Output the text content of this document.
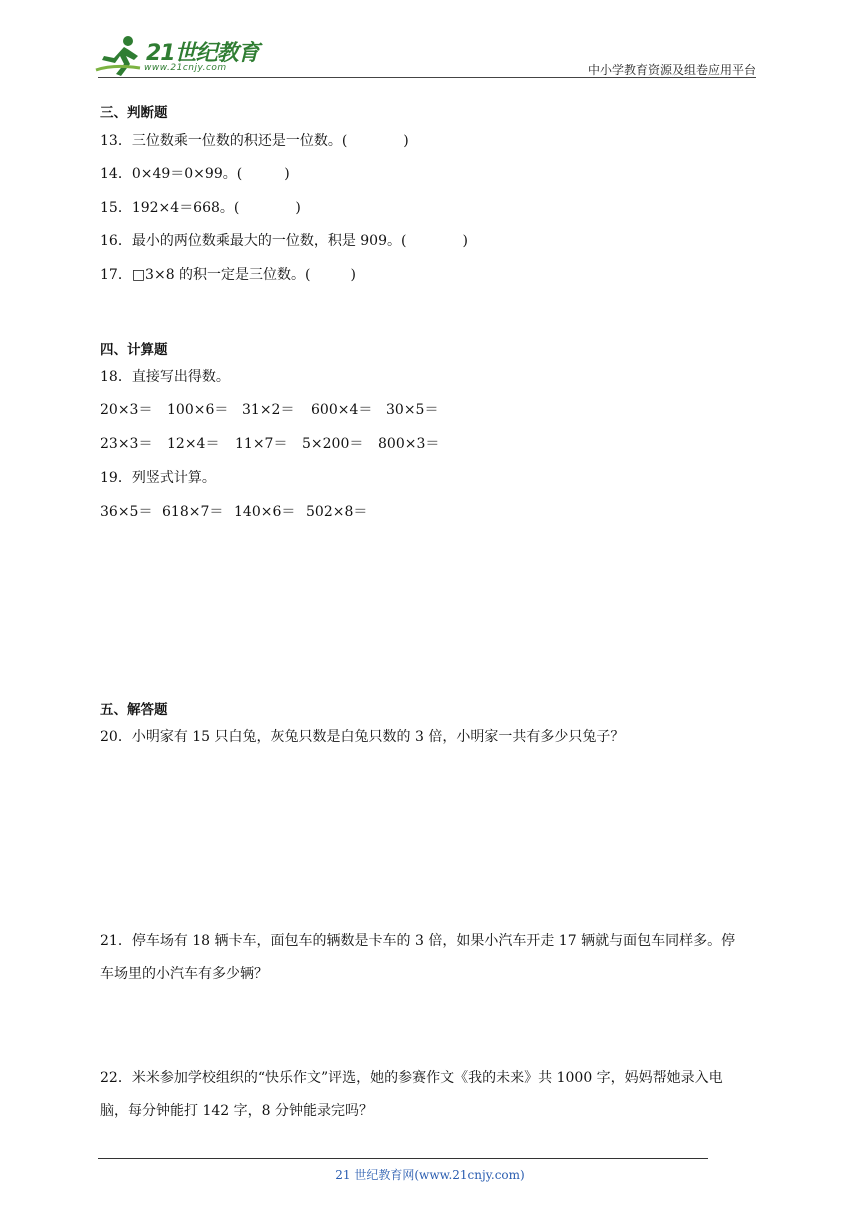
21世纪教育
www.21cnjy.com	中小学教育资源及组卷应用平台
三、判断题
13．三位数乘一位数的积还是一位数。(	)
14．0×49＝0×99。(	)
15．192×4＝668。(	)
16．最小的两位数乘最大的一位数，积是 909。(	)
17．□3×8 的积一定是三位数。(	)
四、计算题
18．直接写出得数。
20×3＝ 100×6＝ 31×2＝ 600×4＝ 30×5＝
23×3＝ 12×4＝ 11×7＝ 5×200＝ 800×3＝
19．列竖式计算。
36×5＝ 618×7＝ 140×6＝ 502×8＝
五、解答题
20．小明家有 15 只白兔，灰兔只数是白兔只数的 3 倍，小明家一共有多少只兔子？
21．停车场有 18 辆卡车，面包车的辆数是卡车的 3 倍，如果小汽车开走 17 辆就与面包车同样多。停
车场里的小汽车有多少辆？
22．米米参加学校组织的“快乐作文”评选，她的参赛作文《我的未来》共 1000 字，妈妈帮她录入电
脑，每分钟能打 142 字，8 分钟能录完吗？
21 世纪教育网(www.21cnjy.com)
